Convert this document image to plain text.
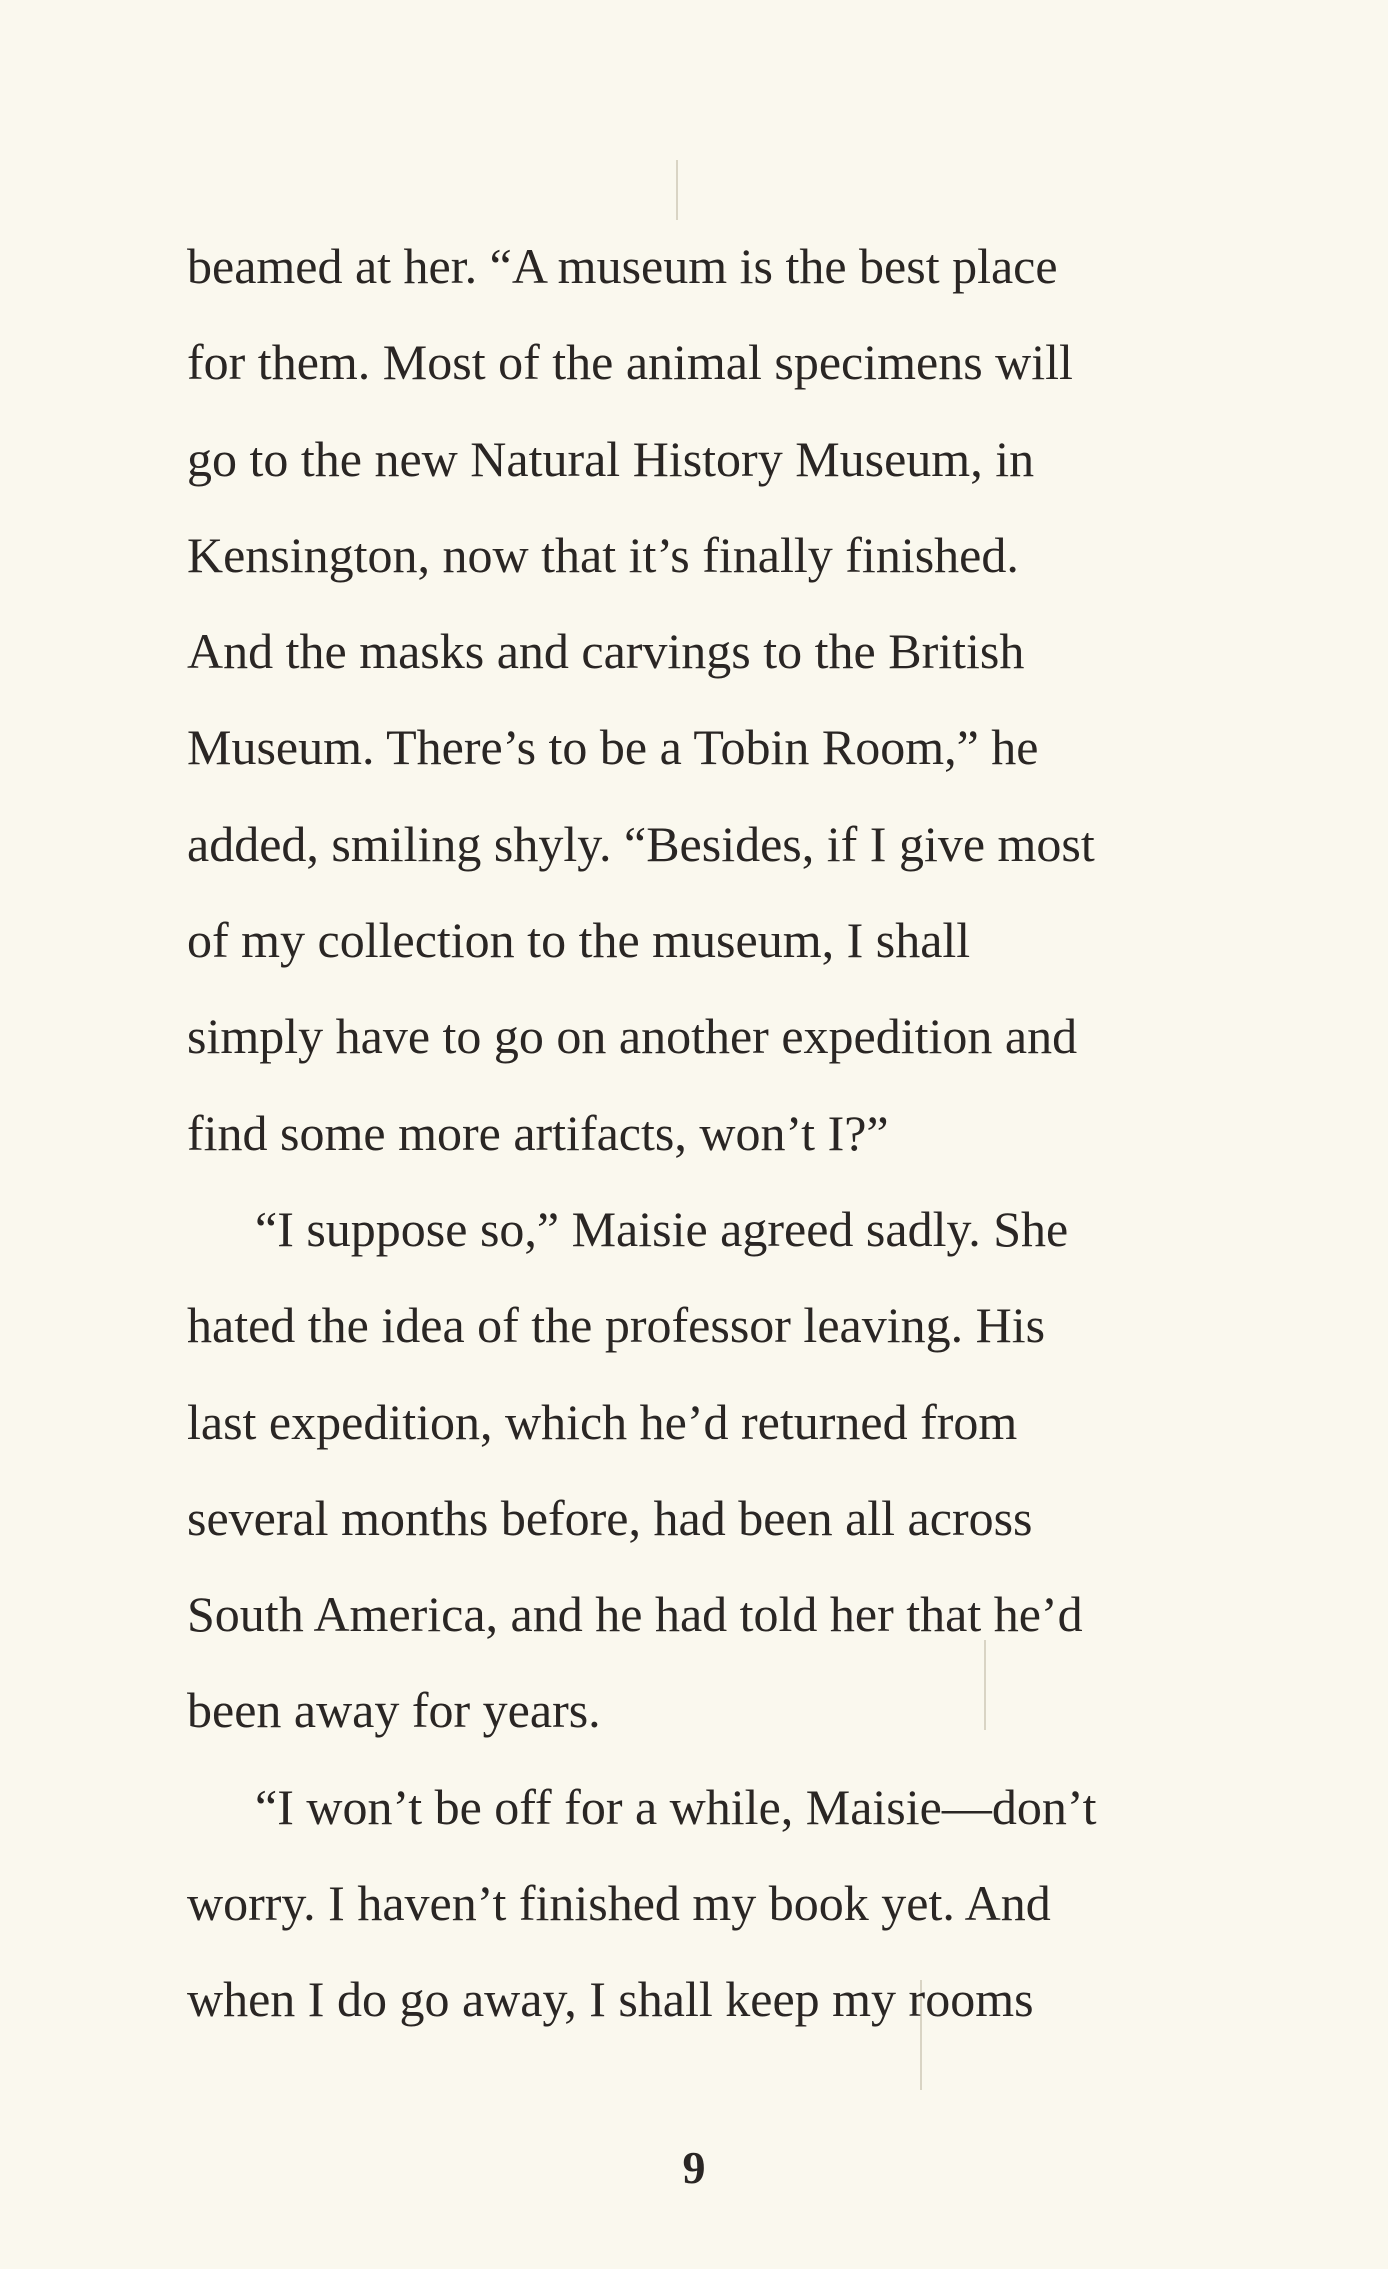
beamed at her. “A museum is the best place
for them. Most of the animal specimens will
go to the new Natural History Museum, in
Kensington, now that it’s finally finished.
And the masks and carvings to the British
Museum. There’s to be a Tobin Room,” he
added, smiling shyly. “Besides, if I give most
of my collection to the museum, I shall
simply have to go on another expedition and
find some more artifacts, won’t I?”
“I suppose so,” Maisie agreed sadly. She
hated the idea of the professor leaving. His
last expedition, which he’d returned from
several months before, had been all across
South America, and he had told her that he’d
been away for years.
“I won’t be off for a while, Maisie—don’t
worry. I haven’t finished my book yet. And
when I do go away, I shall keep my rooms
9
